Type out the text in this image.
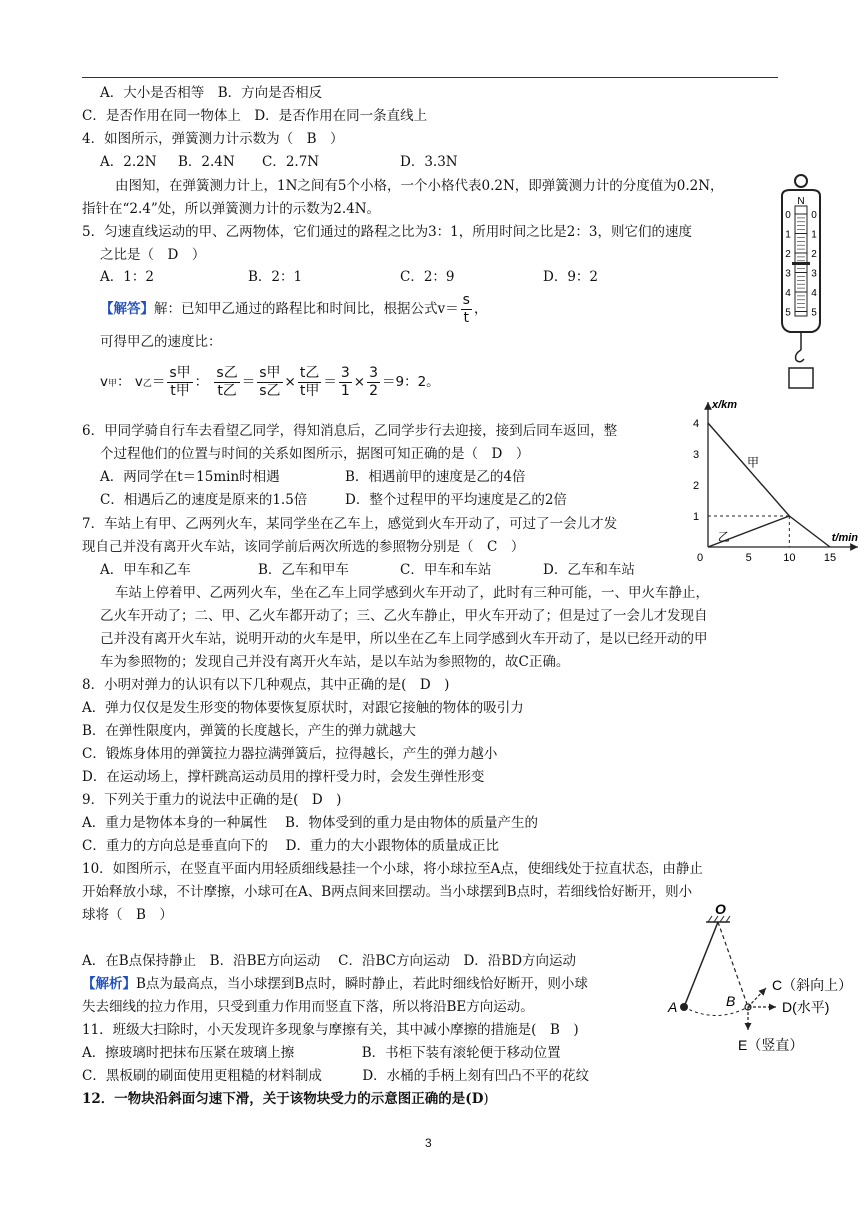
A．大小是否相等　B．方向是否相反
C．是否作用在同一物体上　D．是否作用在同一条直线上
4．如图所示，弹簧测力计示数为（　B　）
A．2.2N B．2.4N C．2.7N	D．3.3N
由图知，在弹簧测力计上，1N之间有5个小格，一个小格代表0.2N，即弹簧测力计的分度值为0.2N，
指针在“2.4”处，所以弹簧测力计的示数为2.4N。
5．匀速直线运动的甲、乙两物体，它们通过的路程之比为3：1，所用时间之比是2：3，则它们的速度
之比是（　D　）
A．1：2	B．2：1	C．2：9	D．9：2
【解答】解：已知甲乙通过的路程比和时间比，根据公式$v= \frac{s}{t}$ ，
可得甲乙的速度比：
v甲： v乙＝ $\frac{\text{s甲}}{\text{t甲}}$ ： $\frac{\text{s乙}}{\text{t乙}} = \frac{\text{s甲}}{\text{s乙}} \times \frac{\text{t乙}}{\text{t甲}} = \frac{3}{1} \times \frac{3}{2} =9$：2。
6．甲同学骑自行车去看望乙同学，得知消息后，乙同学步行去迎接，接到后同车返回，整
个过程他们的位置与时间的关系如图所示，据图可知正确的是（　D　）
A．两同学在t＝15min时相遇	B．相遇前甲的速度是乙的4倍
C．相遇后乙的速度是原来的1.5倍	D．整个过程甲的平均速度是乙的2倍
7．车站上有甲、乙两列火车，某同学坐在乙车上，感觉到火车开动了，可过了一会儿才发
现自己并没有离开火车站，该同学前后两次所选的参照物分别是（　C　）
A．甲车和乙车	B．乙车和甲车	C．甲车和车站	D．乙车和车站
车站上停着甲、乙两列火车，坐在乙车上同学感到火车开动了，此时有三种可能，一、甲火车静止，
乙火车开动了；二、甲、乙火车都开动了；三、乙火车静止，甲火车开动了；但是过了一会儿才发现自
己并没有离开火车站，说明开动的火车是甲，所以坐在乙车上同学感到火车开动了，是以已经开动的甲
车为参照物的；发现自己并没有离开火车站，是以车站为参照物的，故C正确。
8．小明对弹力的认识有以下几种观点，其中正确的是(　D　)
A．弹力仅仅是发生形变的物体要恢复原状时，对跟它接触的物体的吸引力
B．在弹性限度内，弹簧的长度越长，产生的弹力就越大
C．锻炼身体用的弹簧拉力器拉满弹簧后，拉得越长，产生的弹力越小
D．在运动场上，撑杆跳高运动员用的撑杆受力时，会发生弹性形变
9．下列关于重力的说法中正确的是(　D　)
A．重力是物体本身的一种属性　 B．物体受到的重力是由物体的质量产生的
C．重力的方向总是垂直向下的　 D．重力的大小跟物体的质量成正比
10．如图所示，在竖直平面内用轻质细线悬挂一个小球，将小球拉至A点，使细线处于拉直状态，由静止
开始释放小球，不计摩擦，小球可在A、B两点间来回摆动。当小球摆到B点时，若细线恰好断开，则小
球将（　B　）
A．在B点保持静止　B．沿BE方向运动　 C．沿BC方向运动　D．沿BD方向运动
【解析】B点为最高点，当小球摆到B点时，瞬时静止，若此时细线恰好断开，则小球
失去细线的拉力作用，只受到重力作用而竖直下落，所以将沿BE方向运动。
11．班级大扫除时，小天发现许多现象与摩擦有关，其中减小摩擦的措施是(　B　)
A．擦玻璃时把抹布压紧在玻璃上擦　　　　　B．书柜下装有滚轮便于移动位置
C．黑板刷的刷面使用更粗糙的材料制成　　　D．水桶的手柄上刻有凹凸不平的花纹
12．一物块沿斜面匀速下滑，关于该物块受力的示意图正确的是(D)
N
0 0
1 1
2 2
3 3
4 4
5 5
x/km
t/min
1
2
3
4
0	5	10	15
甲
乙
O
A	B
C（斜向上）
D(水平)
E（竖直）
3
